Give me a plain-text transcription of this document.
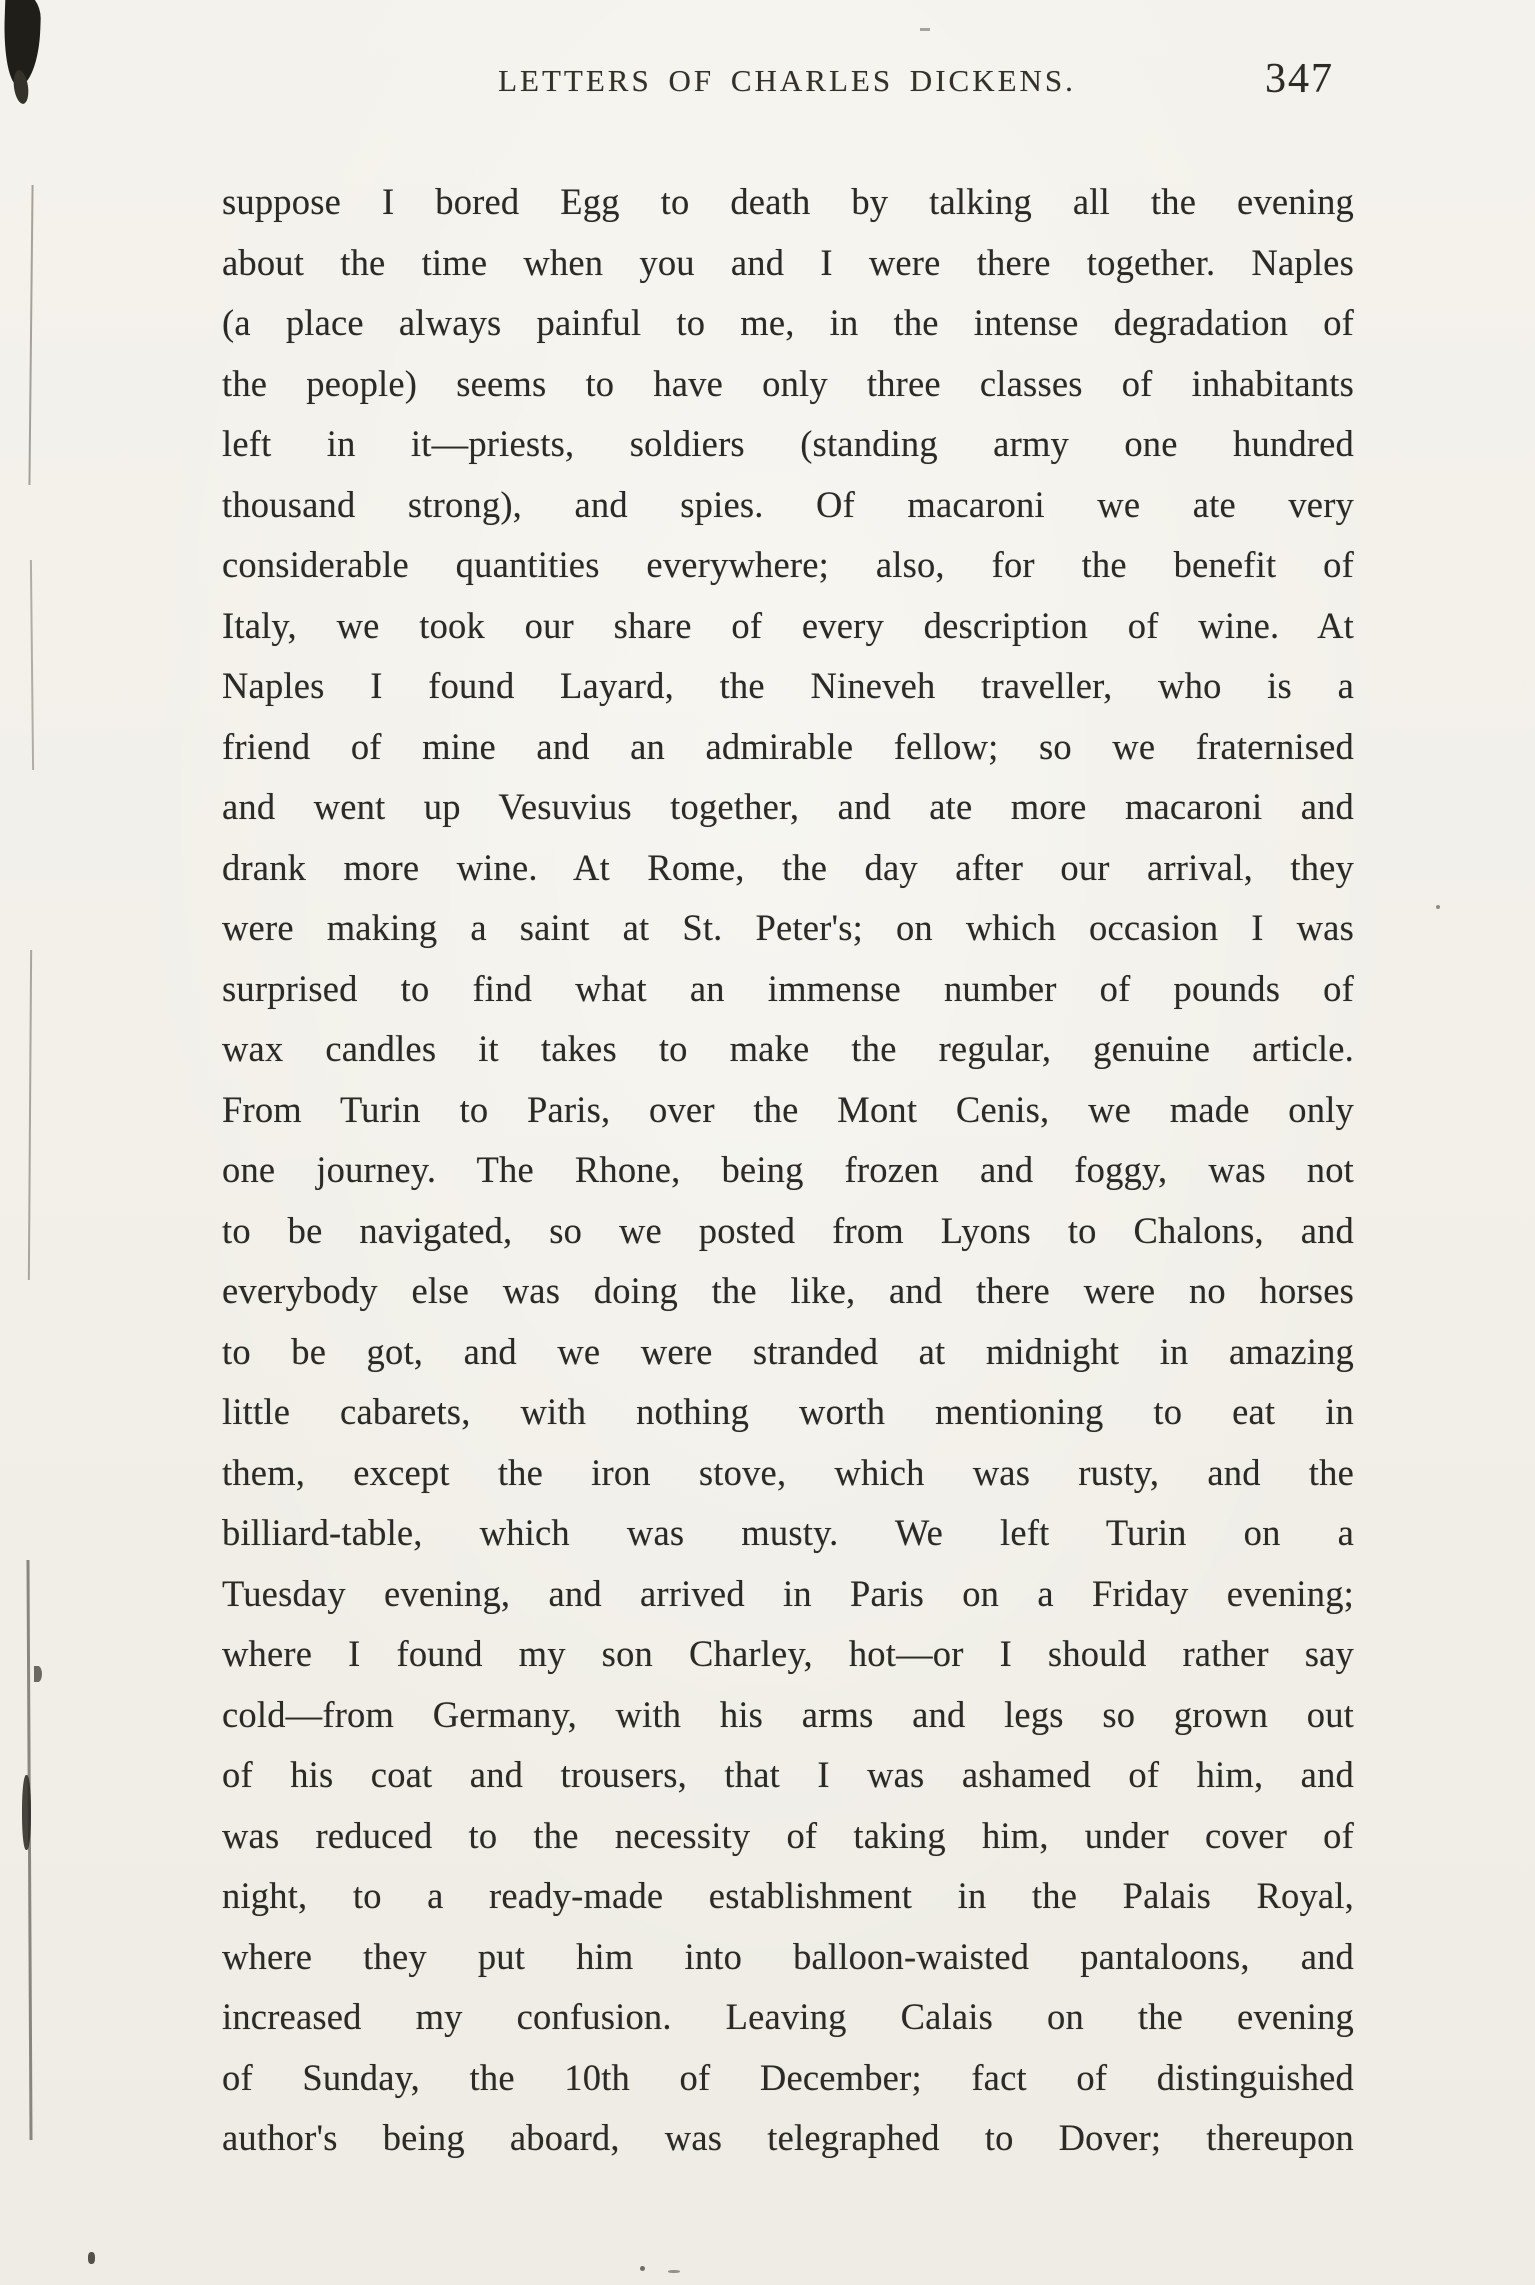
LETTERS OF CHARLES DICKENS.	347
suppose I bored Egg to death by talking all the evening
about the time when you and I were there together. Naples
(a place always painful to me, in the intense degradation of
the people) seems to have only three classes of inhabitants
left in it—priests, soldiers (standing army one hundred
thousand strong), and spies. Of macaroni we ate very
considerable quantities everywhere; also, for the benefit of
Italy, we took our share of every description of wine. At
Naples I found Layard, the Nineveh traveller, who is a
friend of mine and an admirable fellow; so we fraternised
and went up Vesuvius together, and ate more macaroni and
drank more wine. At Rome, the day after our arrival, they
were making a saint at St. Peter's; on which occasion I was
surprised to find what an immense number of pounds of
wax candles it takes to make the regular, genuine article.
From Turin to Paris, over the Mont Cenis, we made only
one journey. The Rhone, being frozen and foggy, was not
to be navigated, so we posted from Lyons to Chalons, and
everybody else was doing the like, and there were no horses
to be got, and we were stranded at midnight in amazing
little cabarets, with nothing worth mentioning to eat in
them, except the iron stove, which was rusty, and the
billiard-table, which was musty. We left Turin on a
Tuesday evening, and arrived in Paris on a Friday evening;
where I found my son Charley, hot—or I should rather say
cold—from Germany, with his arms and legs so grown out
of his coat and trousers, that I was ashamed of him, and
was reduced to the necessity of taking him, under cover of
night, to a ready-made establishment in the Palais Royal,
where they put him into balloon-waisted pantaloons, and
increased my confusion. Leaving Calais on the evening
of Sunday, the 10th of December; fact of distinguished
author's being aboard, was telegraphed to Dover; thereupon
